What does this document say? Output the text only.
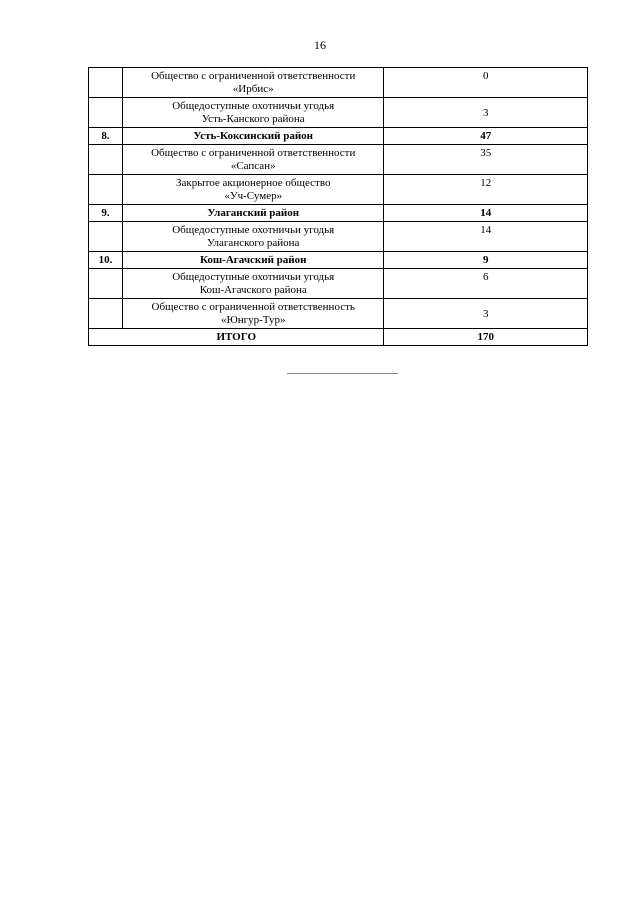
16

	Общество с ограниченной ответственности
«Ирбис»	0

	Общедоступные охотничьи угодья
Усть-Канского района	3
8.	Усть-Коксинский район	47

	Общество с ограниченной ответственности
«Сапсан»	35

	Закрытое акционерное общество
«Уч-Сумер»	12
9.	Улаганский район	14

	Общедоступные охотничьи угодья
Улаганского района	14
10.	Кош-Агачский район	9

	Общедоступные охотничьи угодья
Кош-Агачского района	6

	Общество с ограниченной ответственность
«Юнгур-Тур»	3
ИТОГО		170
